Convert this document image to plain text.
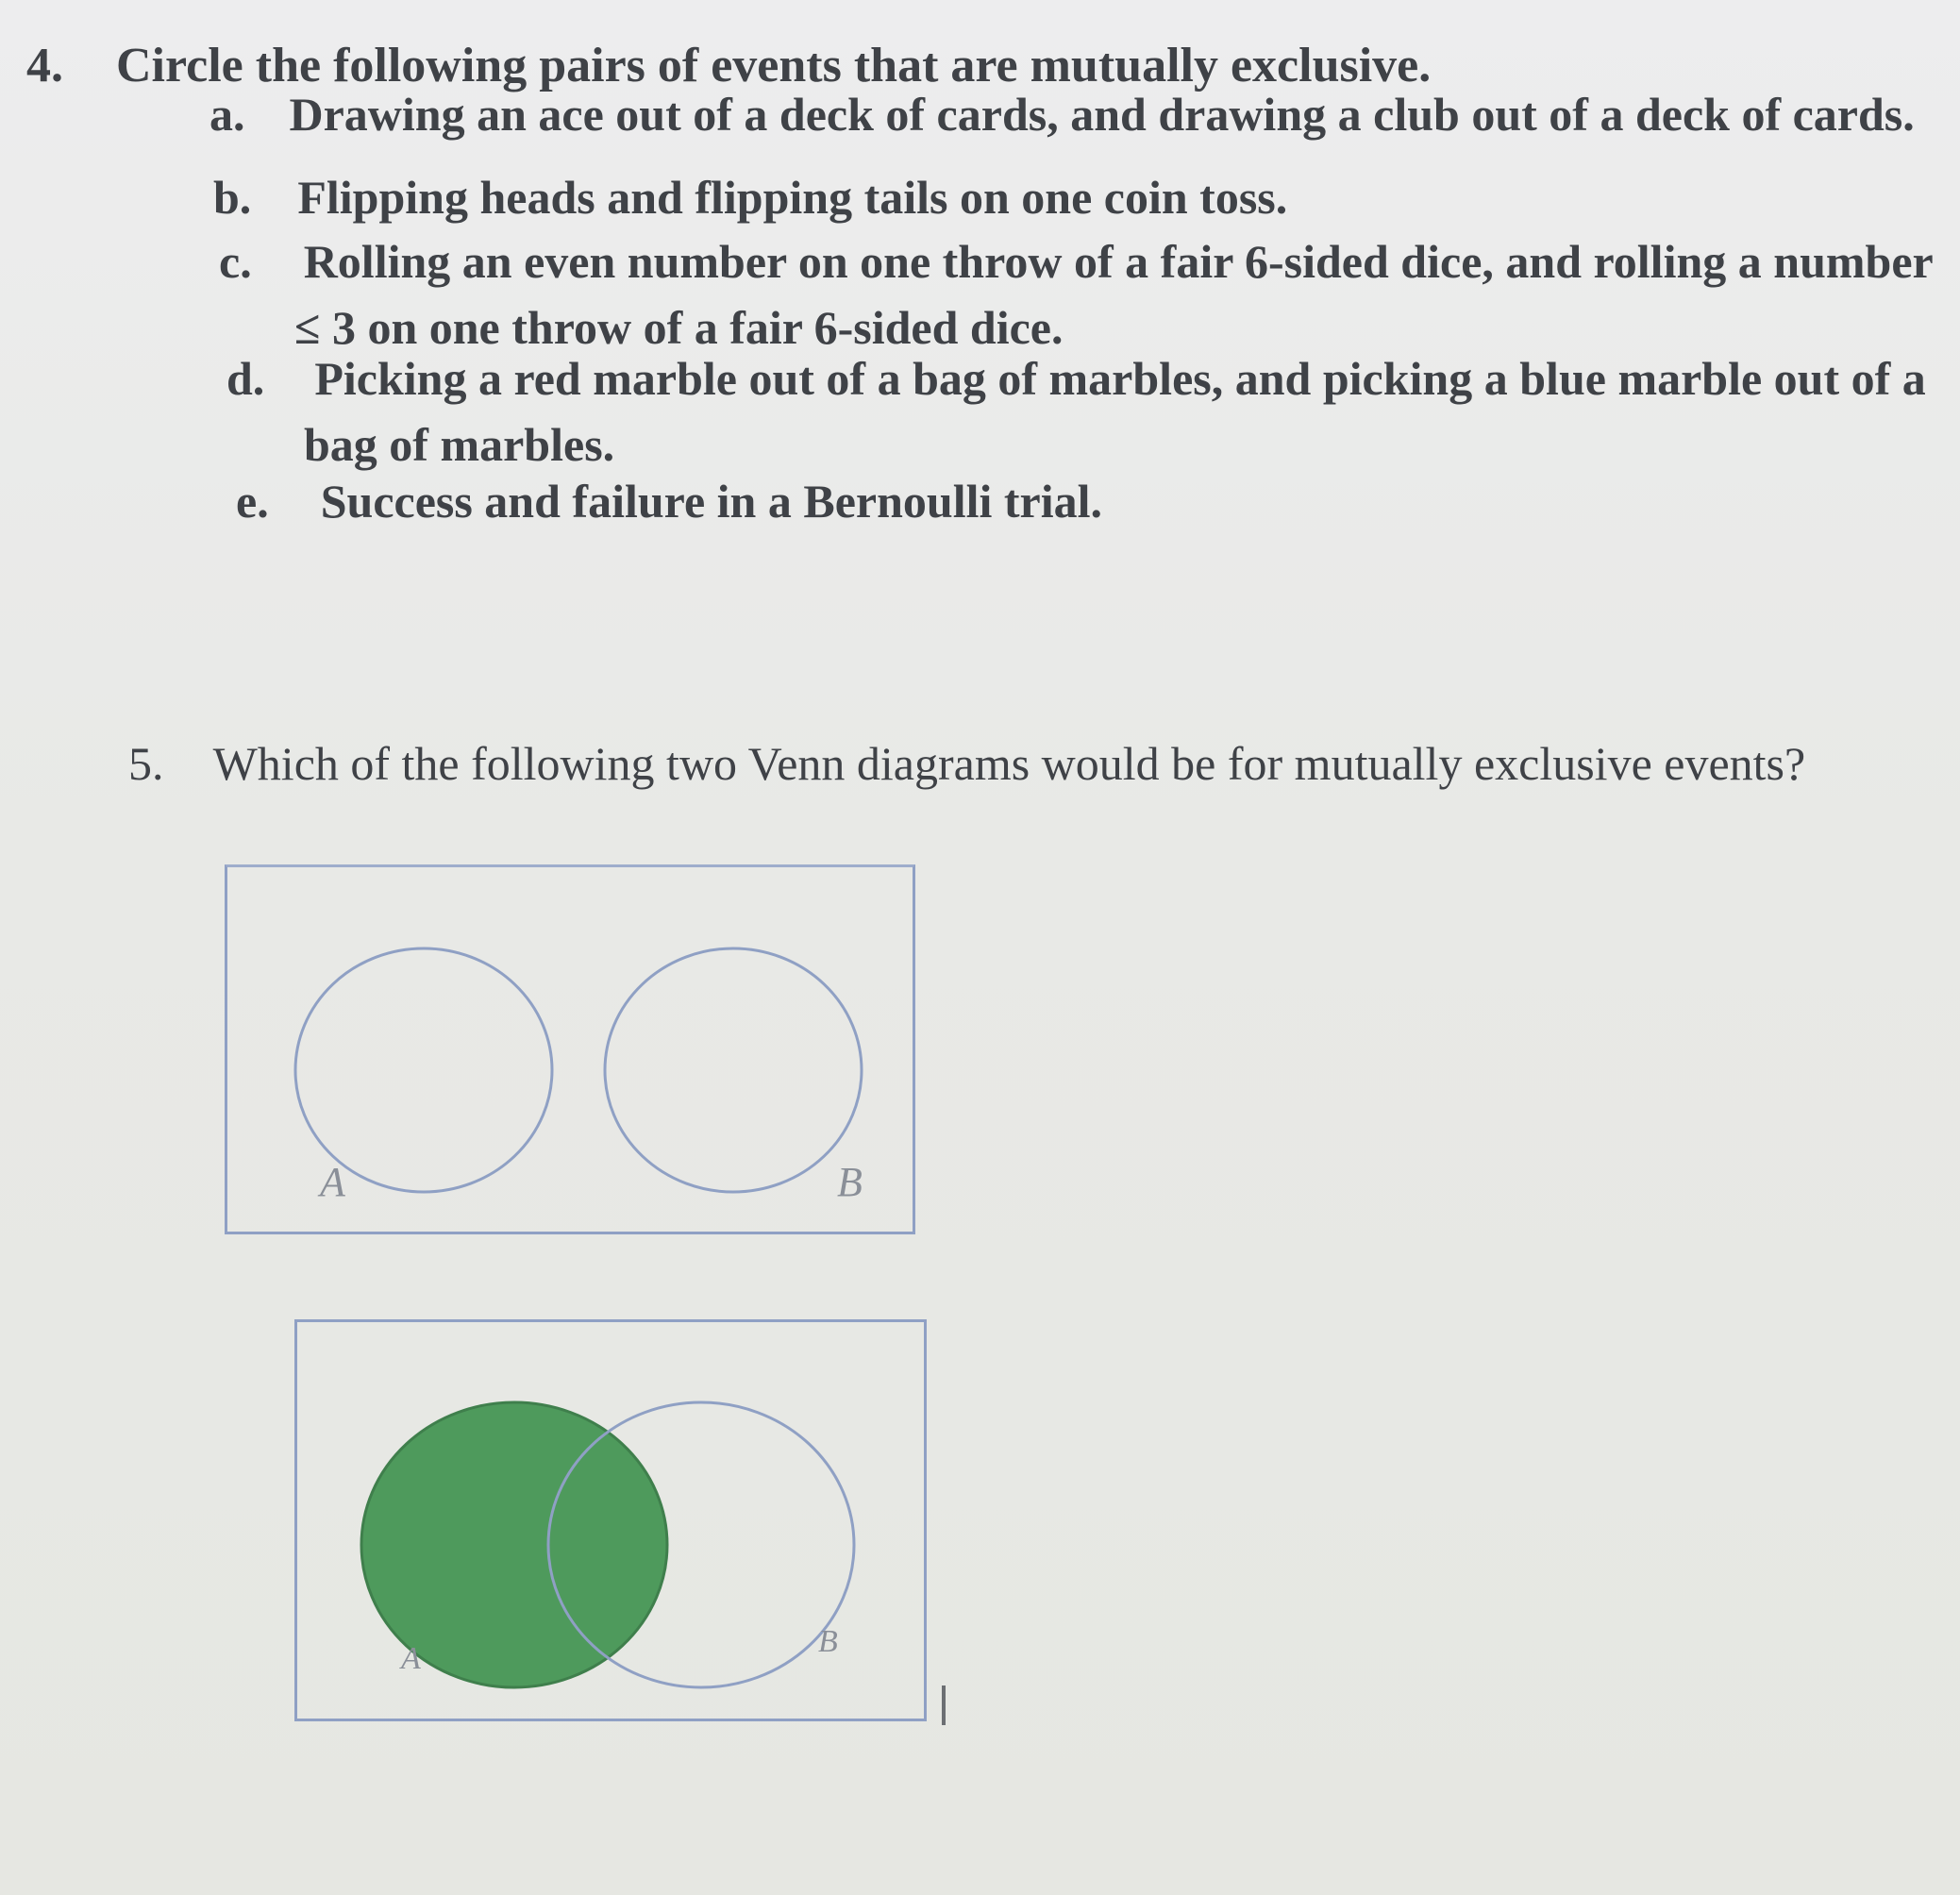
4. Circle the following pairs of events that are mutually exclusive.
a. Drawing an ace out of a deck of cards, and drawing a club out of a deck of cards.
b. Flipping heads and flipping tails on one coin toss.
c. Rolling an even number on one throw of a fair 6-sided dice, and rolling a number
≤ 3 on one throw of a fair 6-sided dice.
d. Picking a red marble out of a bag of marbles, and picking a blue marble out of a
bag of marbles.
e. Success and failure in a Bernoulli trial.
5. Which of the following two Venn diagrams would be for mutually exclusive events?
A	B
A	B
